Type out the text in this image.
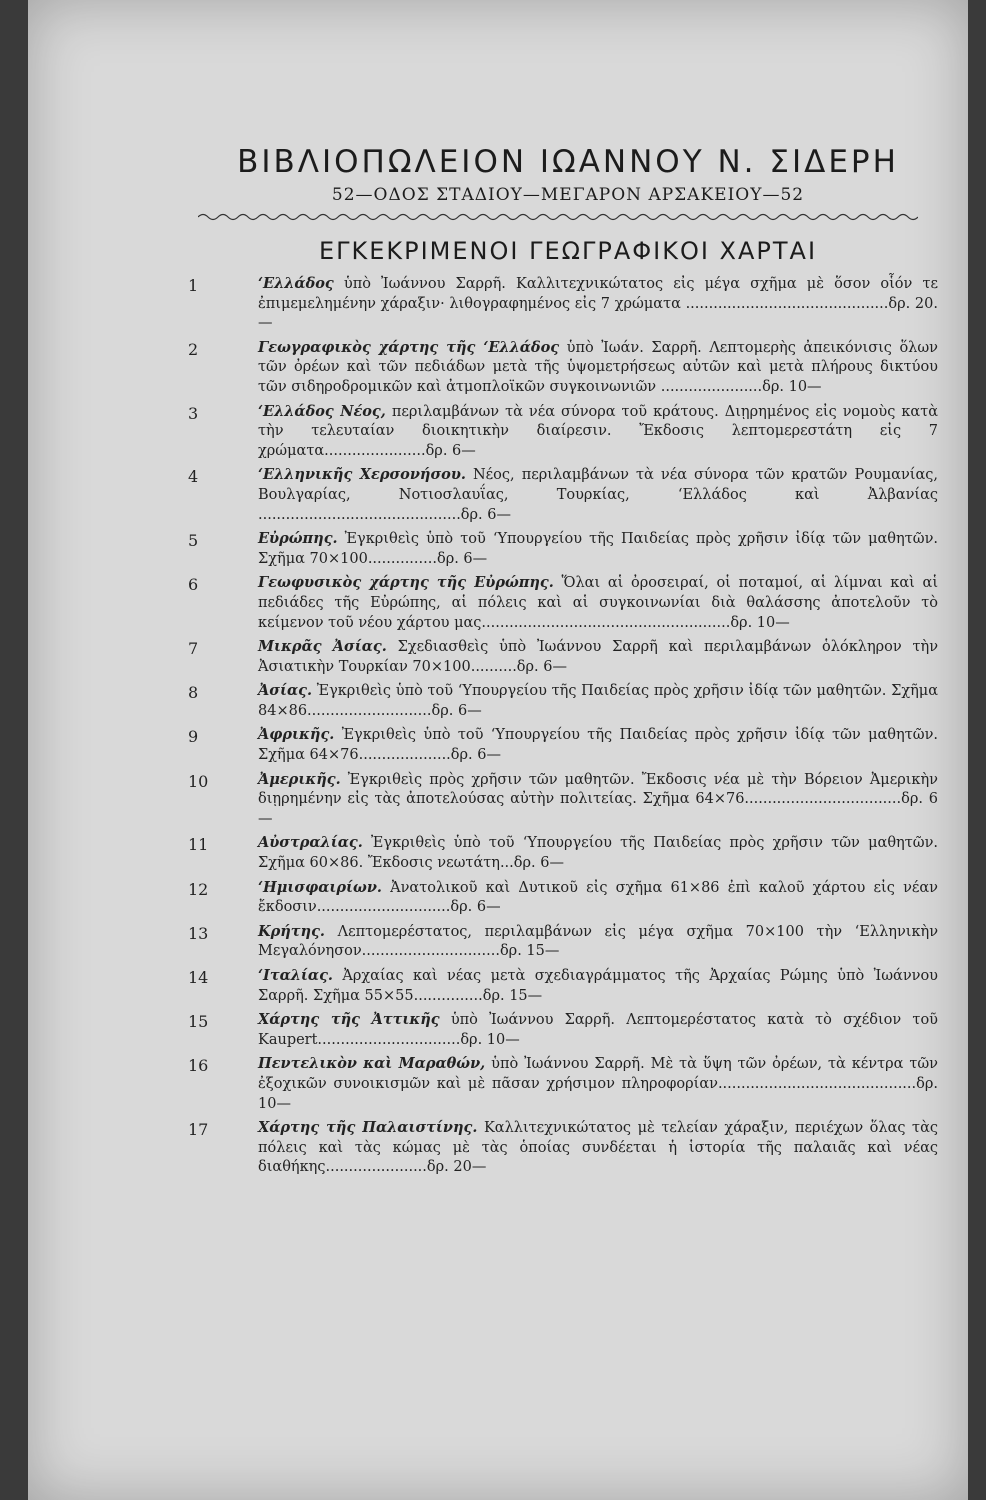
ΒΙΒΛΙΟΠΩΛΕΙΟΝ ΙΩΑΝΝΟΥ Ν. ΣΙΔΕΡΗ
52—ΟΔΟΣ ΣΤΑΔΙΟΥ—ΜΕΓΑΡΟΝ ΑΡΣΑΚΕΙΟΥ—52
ΕΓΚΕΚΡΙΜΕΝΟΙ ΓΕΩΓΡΑΦΙΚΟΙ ΧΑΡΤΑΙ
1	‘Ελλάδος ὑπὸ Ἰωάννου Σαρρῆ. Καλλιτεχνικώτατος εἰς μέγα σχῆμα μὲ ὅσον οἷόν τε ἐπιμεμελημένην χάραξιν· λιθογραφημένος εἰς 7 χρώματα ............................................δρ. 20.—
2	Γεωγραφικὸς χάρτης τῆς ‘Ελλάδος ὑπὸ Ἰωάν. Σαρρῆ. Λεπτομερὴς ἀπεικόνισις ὅλων τῶν ὀρέων καὶ τῶν πεδιάδων μετὰ τῆς ὑψομετρήσεως αὐτῶν καὶ μετὰ πλήρους δικτύου τῶν σιδηροδρομικῶν καὶ ἀτμοπλοϊκῶν συγκοινωνιῶν ......................δρ. 10—
3	‘Ελλάδος Νέος, περιλαμβάνων τὰ νέα σύνορα τοῦ κράτους. Διῃρημένος εἰς νομοὺς κατὰ τὴν τελευταίαν διοικητικὴν διαίρεσιν. Ἔκδοσις λεπτομερεστάτη εἰς 7 χρώματα......................δρ. 6—
4	‘Ελληνικῆς Χερσονήσου. Νέος, περιλαμβάνων τὰ νέα σύνορα τῶν κρατῶν Ρουμανίας, Βουλγαρίας, Νοτιοσλαυΐας, Τουρκίας, ‘Ελλάδος καὶ Ἀλβανίας ............................................δρ. 6—
5	Εὐρώπης. Ἐγκριθεὶς ὑπὸ τοῦ ‘Υπουργείου τῆς Παιδείας πρὸς χρῆσιν ἰδίᾳ τῶν μαθητῶν. Σχῆμα 70×100...............δρ. 6—
6	Γεωφυσικὸς χάρτης τῆς Εὐρώπης. Ὅλαι αἱ ὀροσειραί, οἱ ποταμοί, αἱ λίμναι καὶ αἱ πεδιάδες τῆς Εὐρώπης, αἱ πόλεις καὶ αἱ συγκοινωνίαι διὰ θαλάσσης ἀποτελοῦν τὸ κείμενον τοῦ νέου χάρτου μας......................................................δρ. 10—
7	Μικρᾶς Ἀσίας. Σχεδιασθεὶς ὑπὸ Ἰωάννου Σαρρῆ καὶ περιλαμβάνων ὁλόκληρον τὴν Ἀσιατικὴν Τουρκίαν 70×100..........δρ. 6—
8	Ἀσίας. Ἐγκριθεὶς ὑπὸ τοῦ ‘Υπουργείου τῆς Παιδείας πρὸς χρῆσιν ἰδίᾳ τῶν μαθητῶν. Σχῆμα 84×86...........................δρ. 6—
9	Ἀφρικῆς. Ἐγκριθεὶς ὑπὸ τοῦ ‘Υπουργείου τῆς Παιδείας πρὸς χρῆσιν ἰδίᾳ τῶν μαθητῶν. Σχῆμα 64×76....................δρ. 6—
10	Ἀμερικῆς. Ἐγκριθεὶς πρὸς χρῆσιν τῶν μαθητῶν. Ἔκδοσις νέα μὲ τὴν Βόρειον Ἀμερικὴν διῃρημένην εἰς τὰς ἀποτελούσας αὐτὴν πολιτείας. Σχῆμα 64×76..................................δρ. 6—
11	Αὐστραλίας. Ἐγκριθεὶς ὑπὸ τοῦ ‘Υπουργείου τῆς Παιδείας πρὸς χρῆσιν τῶν μαθητῶν. Σχῆμα 60×86. Ἔκδοσις νεωτάτη...δρ. 6—
12	‘Ημισφαιρίων. Ἀνατολικοῦ καὶ Δυτικοῦ εἰς σχῆμα 61×86 ἐπὶ καλοῦ χάρτου εἰς νέαν ἔκδοσιν.............................δρ. 6—
13	Κρήτης. Λεπτομερέστατος, περιλαμβάνων εἰς μέγα σχῆμα 70×100 τὴν ‘Ελληνικὴν Μεγαλόνησον..............................δρ. 15—
14	‘Ιταλίας. Ἀρχαίας καὶ νέας μετὰ σχεδιαγράμματος τῆς Ἀρχαίας Ρώμης ὑπὸ Ἰωάννου Σαρρῆ. Σχῆμα 55×55...............δρ. 15—
15	Χάρτης τῆς Ἀττικῆς ὑπὸ Ἰωάννου Σαρρῆ. Λεπτομερέστατος κατὰ τὸ σχέδιον τοῦ Kaupert...............................δρ. 10—
16	Πεντελικὸν καὶ Μαραθών, ὑπὸ Ἰωάννου Σαρρῆ. Μὲ τὰ ὕψη τῶν ὀρέων, τὰ κέντρα τῶν ἐξοχικῶν συνοικισμῶν καὶ μὲ πᾶσαν χρήσιμον πληροφορίαν...........................................δρ. 10—
17	Χάρτης τῆς Παλαιστίνης. Καλλιτεχνικώτατος μὲ τελείαν χάραξιν, περιέχων ὅλας τὰς πόλεις καὶ τὰς κώμας μὲ τὰς ὁποίας συνδέεται ἡ ἱστορία τῆς παλαιᾶς καὶ νέας διαθήκης......................δρ. 20—
